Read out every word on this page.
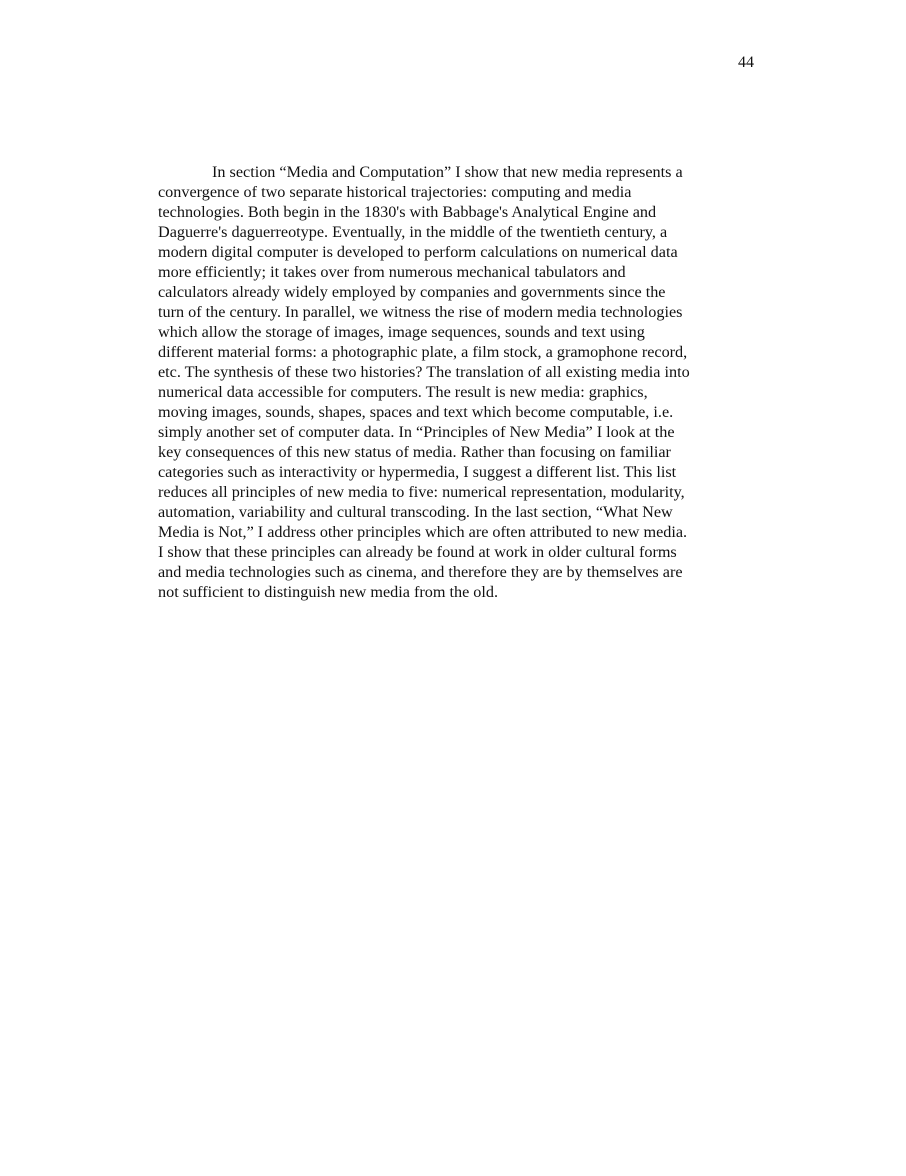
44
In section “Media and Computation” I show that new media represents a
convergence of two separate historical trajectories: computing and media
technologies. Both begin in the 1830's with Babbage's Analytical Engine and
Daguerre's daguerreotype. Eventually, in the middle of the twentieth century, a
modern digital computer is developed to perform calculations on numerical data
more efficiently; it takes over from numerous mechanical tabulators and
calculators already widely employed by companies and governments since the
turn of the century. In parallel, we witness the rise of modern media technologies
which allow the storage of images, image sequences, sounds and text using
different material forms: a photographic plate, a film stock, a gramophone record,
etc. The synthesis of these two histories? The translation of all existing media into
numerical data accessible for computers. The result is new media: graphics,
moving images, sounds, shapes, spaces and text which become computable, i.e.
simply another set of computer data. In “Principles of New Media” I look at the
key consequences of this new status of media. Rather than focusing on familiar
categories such as interactivity or hypermedia, I suggest a different list. This list
reduces all principles of new media to five: numerical representation, modularity,
automation, variability and cultural transcoding. In the last section, “What New
Media is Not,” I address other principles which are often attributed to new media.
I show that these principles can already be found at work in older cultural forms
and media technologies such as cinema, and therefore they are by themselves are
not sufficient to distinguish new media from the old.
